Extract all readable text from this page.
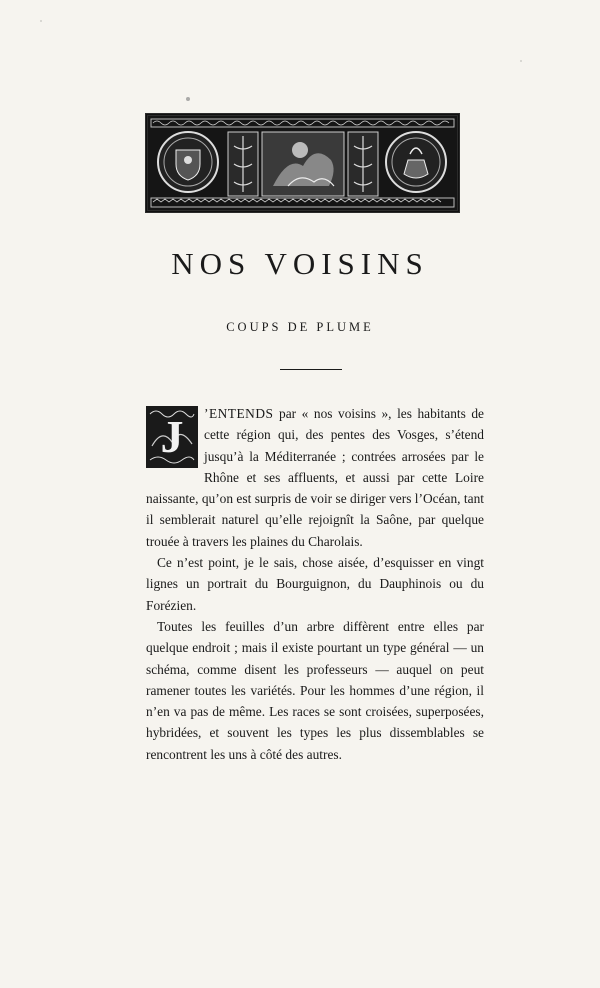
NOS VOISINS
COUPS DE PLUME

J ’ENTENDS par « nos voisins », les habitants de cette région qui, des pentes des Vosges, s’étend jusqu’à la Méditerranée ; contrées arrosées par le Rhône et ses affluents, et aussi par cette Loire naissante, qu’on est surpris de voir se diriger vers l’Océan, tant il semblerait naturel qu’elle rejoignît la Saône, par quelque trouée à travers les plaines du Charolais.

Ce n’est point, je le sais, chose aisée, d’esquisser en vingt lignes un portrait du Bourguignon, du Dauphinois ou du Forézien.

Toutes les feuilles d’un arbre diffèrent entre elles par quelque endroit ; mais il existe pourtant un type général — un schéma, comme disent les professeurs — auquel on peut ramener toutes les variétés. Pour les hommes d’une région, il n’en va pas de même. Les races se sont croisées, superposées, hybridées, et souvent les types les plus dissemblables se rencontrent les uns à côté des autres.
